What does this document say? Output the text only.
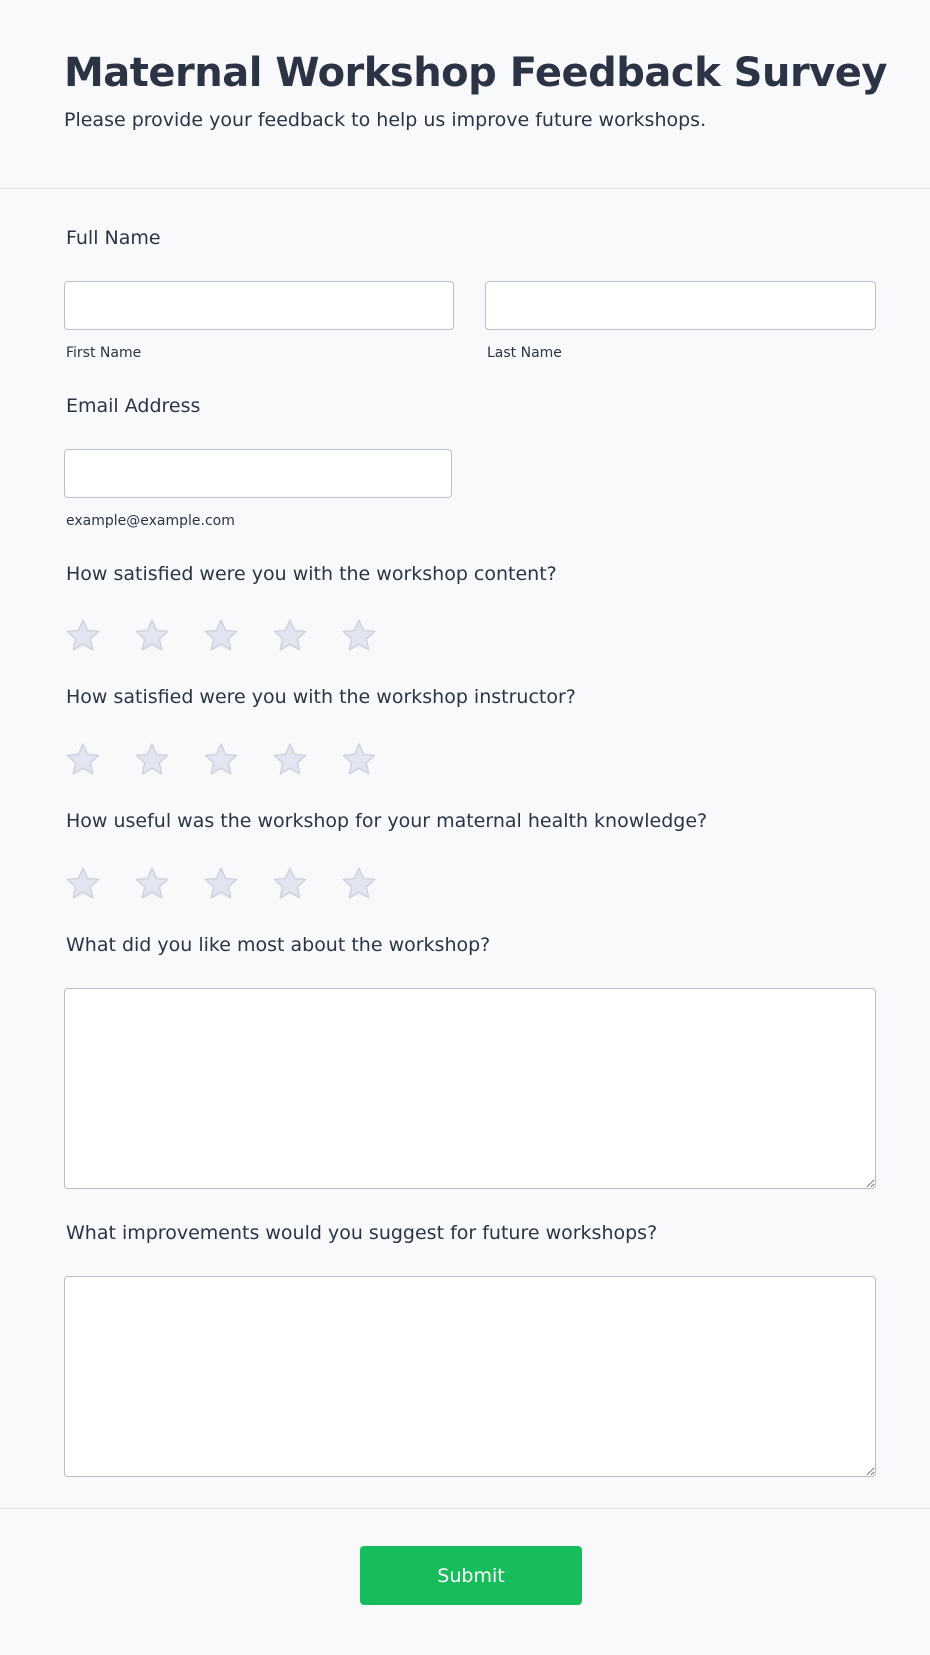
Maternal Workshop Feedback Survey

Please provide your feedback to help us improve future workshops.

Full Name
First Name	Last Name
Email Address
example@example.com
How satisfied were you with the workshop content?
How satisfied were you with the workshop instructor?
How useful was the workshop for your maternal health knowledge?
What did you like most about the workshop?
What improvements would you suggest for future workshops?
Submit
